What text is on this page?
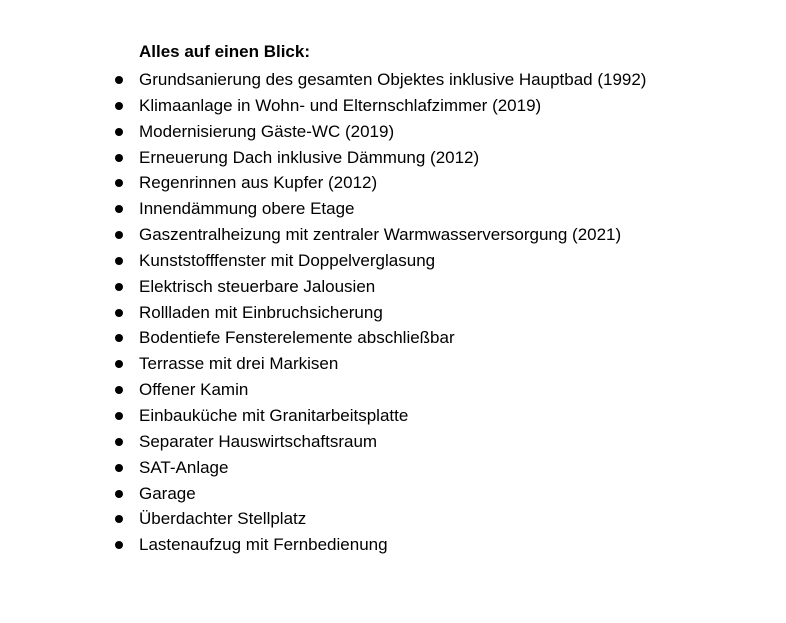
Alles auf einen Blick:
Grundsanierung des gesamten Objektes inklusive Hauptbad (1992)
Klimaanlage in Wohn- und Elternschlafzimmer (2019)
Modernisierung Gäste-WC (2019)
Erneuerung Dach inklusive Dämmung (2012)
Regenrinnen aus Kupfer (2012)
Innendämmung obere Etage
Gaszentralheizung mit zentraler Warmwasserversorgung (2021)
Kunststofffenster mit Doppelverglasung
Elektrisch steuerbare Jalousien
Rollladen mit Einbruchsicherung
Bodentiefe Fensterelemente abschließbar
Terrasse mit drei Markisen
Offener Kamin
Einbauküche mit Granitarbeitsplatte
Separater Hauswirtschaftsraum
SAT-Anlage
Garage
Überdachter Stellplatz
Lastenaufzug mit Fernbedienung
